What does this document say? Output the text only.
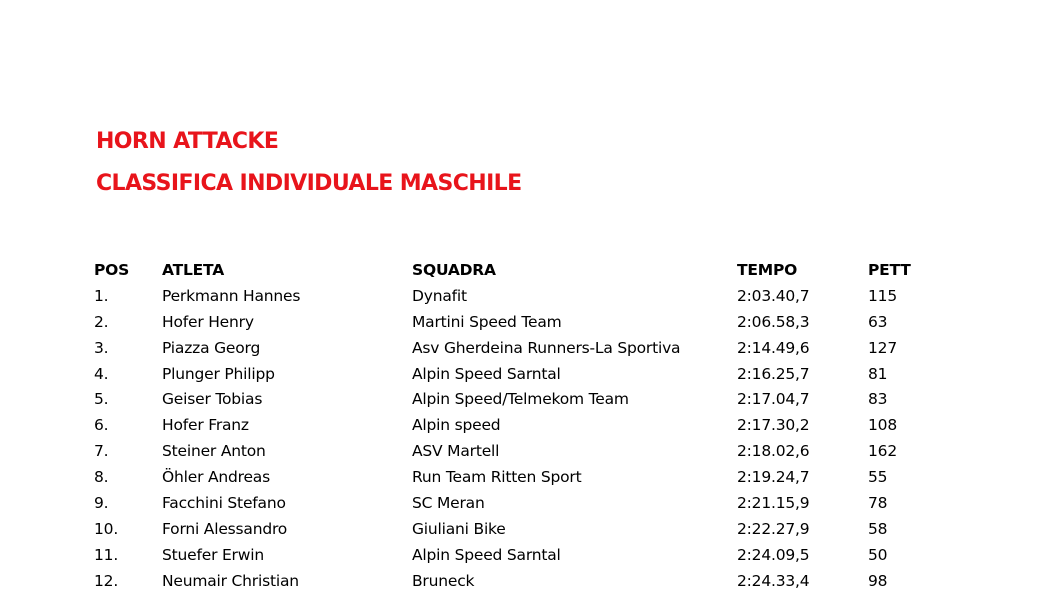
HORN ATTACKE
CLASSIFICA INDIVIDUALE MASCHILE
POS ATLETA	SQUADRA	TEMPO	PETT
1.	Perkmann Hannes	Dynafit	2:03.40,7	115
2.	Hofer Henry	Martini Speed Team	2:06.58,3	63
3.	Piazza Georg	Asv Gherdeina Runners-La Sportiva	2:14.49,6	127
4.	Plunger Philipp	Alpin Speed Sarntal	2:16.25,7	81
5.	Geiser Tobias	Alpin Speed/Telmekom Team	2:17.04,7	83
6.	Hofer Franz	Alpin speed	2:17.30,2	108
7.	Steiner Anton	ASV Martell	2:18.02,6	162
8.	Öhler Andreas	Run Team Ritten Sport	2:19.24,7	55
9.	Facchini Stefano	SC Meran	2:21.15,9	78
10.	Forni Alessandro	Giuliani Bike	2:22.27,9	58
11.	Stuefer Erwin	Alpin Speed Sarntal	2:24.09,5	50
12.	Neumair Christian	Bruneck	2:24.33,4	98
